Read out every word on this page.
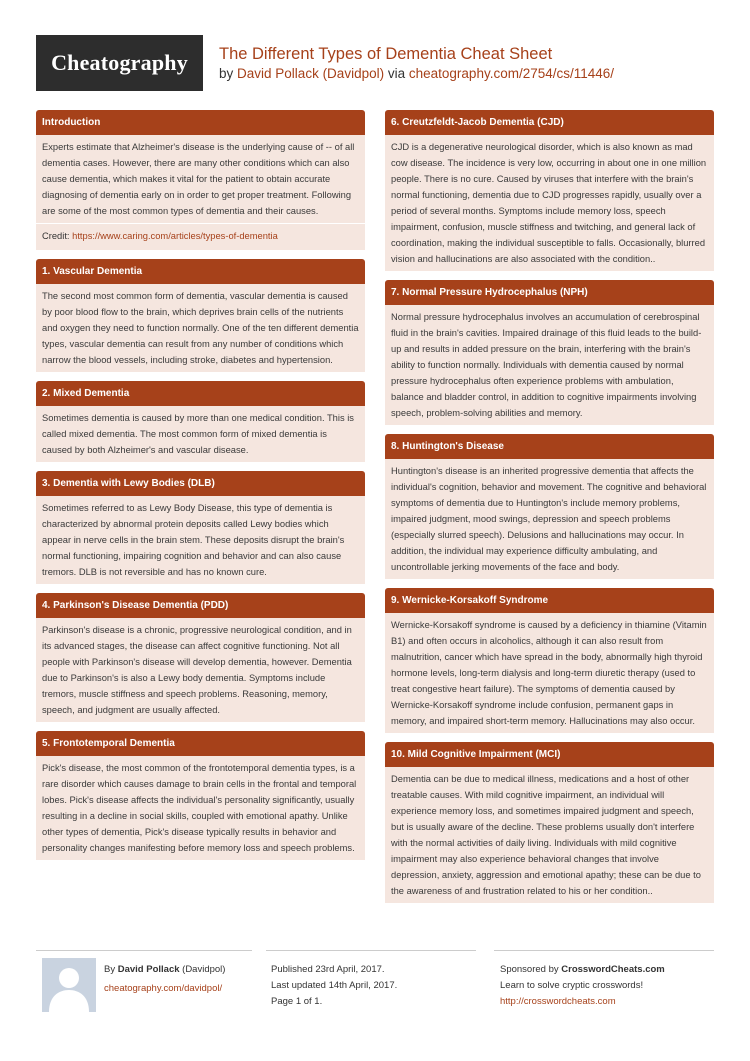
Cheatography	The Different Types of Dementia Cheat Sheet
by David Pollack (Davidpol) via cheatography.com/2754/cs/11446/
Introduction
Experts estimate that Alzheimer's disease is the underlying cause of -- of all dementia cases. However, there are many other conditions which can also cause dementia, which makes it vital for the patient to obtain accurate diagnosing of dementia early on in order to get proper treatment. Following are some of the most common types of dementia and their causes.
Credit: https://www.caring.com/articles/types-of-dementia
1. Vascular Dementia
The second most common form of dementia, vascular dementia is caused by poor blood flow to the brain, which deprives brain cells of the nutrients and oxygen they need to function normally. One of the ten different dementia types, vascular dementia can result from any number of conditions which narrow the blood vessels, including stroke, diabetes and hypertension.
2. Mixed Dementia
Sometimes dementia is caused by more than one medical condition. This is called mixed dementia. The most common form of mixed dementia is caused by both Alzheimer's and vascular disease.
3. Dementia with Lewy Bodies (DLB)
Sometimes referred to as Lewy Body Disease, this type of dementia is characterized by abnormal protein deposits called Lewy bodies which appear in nerve cells in the brain stem. These deposits disrupt the brain's normal functioning, impairing cognition and behavior and can also cause tremors. DLB is not reversible and has no known cure.
4. Parkinson's Disease Dementia (PDD)
Parkinson's disease is a chronic, progressive neurological condition, and in its advanced stages, the disease can affect cognitive functioning. Not all people with Parkinson's disease will develop dementia, however. Dementia due to Parkinson's is also a Lewy body dementia. Symptoms include tremors, muscle stiffness and speech problems. Reasoning, memory, speech, and judgment are usually affected.
5. Frontotemporal Dementia
Pick's disease, the most common of the frontotemporal dementia types, is a rare disorder which causes damage to brain cells in the frontal and temporal lobes. Pick's disease affects the individual's personality significantly, usually resulting in a decline in social skills, coupled with emotional apathy. Unlike other types of dementia, Pick's disease typically results in behavior and personality changes manifesting before memory loss and speech problems.
6. Creutzfeldt-Jacob Dementia (CJD)
CJD is a degenerative neurological disorder, which is also known as mad cow disease. The incidence is very low, occurring in about one in one million people. There is no cure. Caused by viruses that interfere with the brain's normal functioning, dementia due to CJD progresses rapidly, usually over a period of several months. Symptoms include memory loss, speech impairment, confusion, muscle stiffness and twitching, and general lack of coordination, making the individual susceptible to falls. Occasionally, blurred vision and hallucinations are also associated with the condition..
7. Normal Pressure Hydrocephalus (NPH)
Normal pressure hydrocephalus involves an accumulation of cerebrospinal fluid in the brain's cavities. Impaired drainage of this fluid leads to the build-up and results in added pressure on the brain, interfering with the brain's ability to function normally. Individuals with dementia caused by normal pressure hydrocephalus often experience problems with ambulation, balance and bladder control, in addition to cognitive impairments involving speech, problem-solving abilities and memory.
8. Huntington's Disease
Huntington's disease is an inherited progressive dementia that affects the individual's cognition, behavior and movement. The cognitive and behavioral symptoms of dementia due to Huntington's include memory problems, impaired judgment, mood swings, depression and speech problems (especially slurred speech). Delusions and hallucinations may occur. In addition, the individual may experience difficulty ambulating, and uncontrollable jerking movements of the face and body.
9. Wernicke-Korsakoff Syndrome
Wernicke-Korsakoff syndrome is caused by a deficiency in thiamine (Vitamin B1) and often occurs in alcoholics, although it can also result from malnutrition, cancer which have spread in the body, abnormally high thyroid hormone levels, long-term dialysis and long-term diuretic therapy (used to treat congestive heart failure). The symptoms of dementia caused by Wernicke-Korsakoff syndrome include confusion, permanent gaps in memory, and impaired short-term memory. Hallucinations may also occur.
10. Mild Cognitive Impairment (MCI)
Dementia can be due to medical illness, medications and a host of other treatable causes. With mild cognitive impairment, an individual will experience memory loss, and sometimes impaired judgment and speech, but is usually aware of the decline. These problems usually don't interfere with the normal activities of daily living. Individuals with mild cognitive impairment may also experience behavioral changes that involve depression, anxiety, aggression and emotional apathy; these can be due to the awareness of and frustration related to his or her condition..
By David Pollack (Davidpol)
cheatography.com/davidpol/
Published 23rd April, 2017.
Last updated 14th April, 2017.
Page 1 of 1.
Sponsored by CrosswordCheats.com
Learn to solve cryptic crosswords!
http://crosswordcheats.com
